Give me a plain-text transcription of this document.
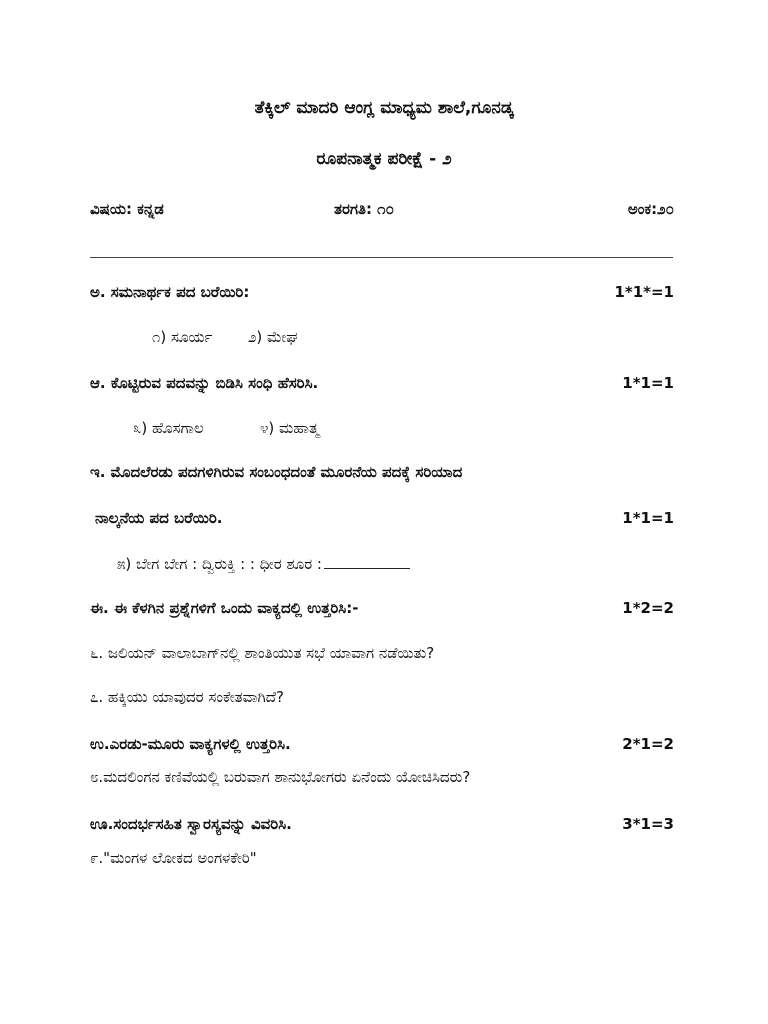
ತೆಕ್ಕಿಲ್ ಮಾದರಿ ಆಂಗ್ಲ ಮಾಧ್ಯಮ ಶಾಲೆ,ಗೂನಡ್ಕ
ರೂಪನಾತ್ಮಕ ಪರೀಕ್ಷೆ - ೨
ವಿಷಯ: ಕನ್ನಡ	ತರಗತಿ: ೧೦	ಅಂಕ:೨೦
ಅ. ಸಮನಾರ್ಥಕ ಪದ ಬರೆಯಿರಿ:	1*1*=1
೧) ಸೂರ್ಯ ೨) ಮೇಘ
ಆ. ಕೊಟ್ಟಿರುವ ಪದವನ್ನು ಬಿಡಿಸಿ ಸಂಧಿ ಹೆಸರಿಸಿ.	1*1=1
೩) ಹೊಸಗಾಲ	೪) ಮಹಾತ್ಮ
ಇ. ಮೊದಲೆರಡು ಪದಗಳಿಗಿರುವ ಸಂಬಂಧದಂತೆ ಮೂರನೆಯ ಪದಕ್ಕೆ ಸರಿಯಾದ
ನಾಲ್ಕನೆಯ ಪದ ಬರೆಯಿರಿ.	1*1=1
೫) ಬೇಗ ಬೇಗ : ದ್ವಿರುಕ್ತಿ : : ಧೀರ ಶೂರ :
ಈ. ಈ ಕೆಳಗಿನ ಪ್ರಶ್ನೆಗಳಿಗೆ ಒಂದು ವಾಕ್ಯದಲ್ಲಿ ಉತ್ತರಿಸಿ:-	1*2=2
೬. ಜಲಿಯನ್ ವಾಲಾಬಾಗ್‌ನಲ್ಲಿ ಶಾಂತಿಯುತ ಸಭೆ ಯಾವಾಗ ನಡೆಯಿತು?
೭. ಹಕ್ಕಿಯು ಯಾವುದರ ಸಂಕೇತವಾಗಿದೆ?
ಉ.ಎರಡು-ಮೂರು ವಾಕ್ಯಗಳಲ್ಲಿ ಉತ್ತರಿಸಿ.	2*1=2
೮.ಮದಲಿಂಗನ ಕಣಿವೆಯಲ್ಲಿ ಬರುವಾಗ ಶಾನುಭೋಗರು ಏನೆಂದು ಯೋಚಿಸಿದರು?
ಊ.ಸಂದರ್ಭಸಹಿತ ಸ್ವಾರಸ್ಯವನ್ನು ವಿವರಿಸಿ.	3*1=3
೯."ಮಂಗಳ ಲೋಕದ ಅಂಗಳಕೇರಿ"
